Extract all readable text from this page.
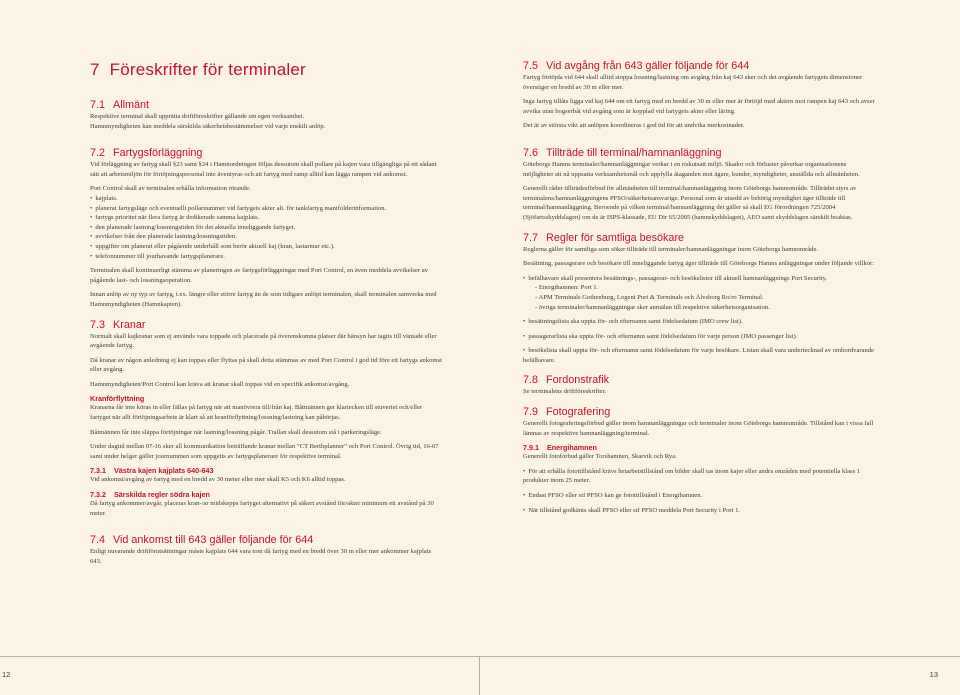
7 Föreskrifter för terminaler
7.1 Allmänt

Respektive terminal skall upprätta driftföreskrifter gällande sin egen verksamhet.

Hamnmyndigheten kan meddela särskilda säkerhetsbestämmelser vid varje enskilt anlöp.

7.2 Fartygsförläggning

Vid förläggning av fartyg skall §23 samt §24 i Hamnordningen följas dessutom skall pollare på kajen vara tillgängliga på ett sådant sätt att arbetsmiljön för förtöjningspersonal inte äventyras och att fartyg med ramp alltid kan lägga rampen vid ankomst.

Port Control skall av terminalen erhålla information rörande:

• kajplats.
• planerat fartygsläge och eventuellt pollarnummer vid fartygets akter alt. för tankfartyg manifolderinformation.
• fartygs prioritet när flera fartyg är dedikerade samma kajplats.
• den planerade lastning/lossningstiden för det aktuella inneliggande fartyget.
• avvikelser från den planerade lastning/lossningstiden.
• uppgifter om planerat eller pågående underhåll som berör aktuell kaj (kran, lastarmar etc.).
• telefonnummer till jourhavande fartygsplanerare.

Terminalen skall kontinuerligt stämma av planeringen av fartygsförläggningar med Port Control, en även meddela avvikelser av pågående last- och lossningsoperation.

Innan anlöp av ny typ av fartyg, t.ex. längre eller större fartyg än de som tidigare anlöpt terminalen, skall terminalen samverka med Hamnmyndigheten (Hamnkapten).

7.3 Kranar

Normalt skall kajkranar som ej används vara toppade och placerade på överenskomna platser där hänsyn har tagits till väntade eller avgående fartyg.

Då kranar av någon anledning ej kan toppas eller flyttas på skall detta stämmas av med Port Control i god tid före ett fartygs ankomst eller avgång.

Hamnmyndigheten/Port Control kan kräva att kranar skall toppas vid en specifik ankomst/avgång.

Kranförflyttning

Kranarna får inte köras in eller fällas på fartyg när att manövrera till/från kaj. Båtmännen ger klartecken till stuveriet och/eller fartyget när allt förtöjningsarbete är klart så att kranförflyttning/lossning/lastning kan påbörjas.

Båtmännen får inte släppa förtöjningar när lastning/lossning pågår. Trallan skall dessutom stå i parkeringsläge.

Under dagtid mellan 07-16 sker all kommunikation beträffande kranar mellan ”CT Berthplanner” och Port Control. Övrig tid, 16-07 samt under helger gäller journummen som uppgetts av fartygsplanerare för respektive terminal.

7.3.1 Västra kajen kajplats 640-643

Vid ankomst/avgång av fartyg med en bredd av 30 meter eller mer skall K5 och K6 alltid toppas.

7.3.2 Särskilda regler södra kajen

Då fartyg ankommer/avgår, placeras kran-/ar midskepps fartyget alternativt på säkert avstånd för/akter minimum ett avstånd på 30 meter.

7.4 Vid ankomst till 643 gäller följande för 644

Enligt nuvarande driftförutsättningar måste kajplats 644 vara tom då fartyg med en bredd över 30 m eller mer ankommer kajplats 643.

7.5 Vid avgång från 643 gäller följande för 644

Fartyg förtöjda vid 644 skall alltid stoppa lossning/lastning om avgång från kaj 643 sker och det avgående fartygets dimensioner överstiger en bredd av 30 m eller mer.

Inga fartyg tillåts ligga vid kaj 644 om ett fartyg med en bredd av 30 m eller mer är förtöjd med aktern mot rampen kaj 643 och avser avvika utan bogserbåt vid avgång som är kopplad vid fartygets akter eller läring.

Det är av största vikt att anlöpen koordineras i god tid för att undvika merkostnader.

7.6 Tillträde till terminal/hamnanläggning

Göteborgs Hamns terminaler/hamnanläggningar verkar i en riskutsatt miljö. Skador och förluster påverkar organisationens möjligheter att nå uppsatta verksamhetsmål och uppfylla åtaganden mot ägare, kunder, myndigheter, anställda och allmänheten.

Generellt råder tillträdesförbud för allmänheten till terminal/hamnanläggning inom Göteborgs hamnområde. Tillträdet styrs av terminalens/hamnanläggningens PFSO/säkerhetsansvarige. Personal som är utsedd av behörig myndighet äger tillträde till terminal/hamnanläggning. Beroende på vilken terminal/hamnanläggning det gäller så skall EG förordningen 725/2004 (Sjöfartsskyddslagen) om de är ISPS-klassade, EU Dir 65/2005 (hamnskyddslagen), AEO samt skyddslagen särskilt beaktas.

7.7 Regler för samtliga besökare

Reglerna gäller för samtliga som söker tillträde till terminaler/hamnanläggningar inom Göteborgs hamnområde.

Besättning, passagerare och besökare till inneliggande fartyg äger tillträde till Göteborgs Hamns anläggningar under följande villkor:

• befälhavare skall presentera besättnings-, passagerar- och besökslistor till aktuell hamnanläggnings Port Security.
- Energihamnen: Port 1.
- APM Terminals Gothenburg, Logent Port & Terminals och Älvsborg Ro/ro Terminal.
- övriga terminaler/hamnanläggningar sker anmälan till respektive säkerhetsorganisation.
• besättningslista ska uppta för- och efternamn samt födelsedatum (IMO crew list).
• passagerarlista ska uppta för- och efternamn samt födelsedatum för varje person (IMO passenger list).
• besökslista skall uppta för- och efternamn samt födelsedatum för varje besökare. Listan skall vara undertecknad av ombordvarande befälhavare.
7.8 Fordonstrafik

Se terminalens driftföreskrifter.

7.9 Fotografering

Generellt fotograferingsförbud gäller inom hamnanläggningar och terminaler inom Göteborgs hamnområde. Tillstånd kan i vissa fall lämnas av respektive hamnanläggning/terminal.

7.9.1 Energihamnen

Generellt fotoförbud gäller Torshamnen, Skarvik och Rya.

• För att erhålla fotottillstånd krävs hetarbetstillstånd om bilder skall tas inom kajer eller andra områden med potentiella klass 1 produkter inom 25 meter.
• Endast PFSO eller stf PFSO kan ge fotottillstånd i Energihamnen.
• När tillstånd godkänts skall PFSO eller stf PFSO meddela Port Security i Port 1.
12	13
